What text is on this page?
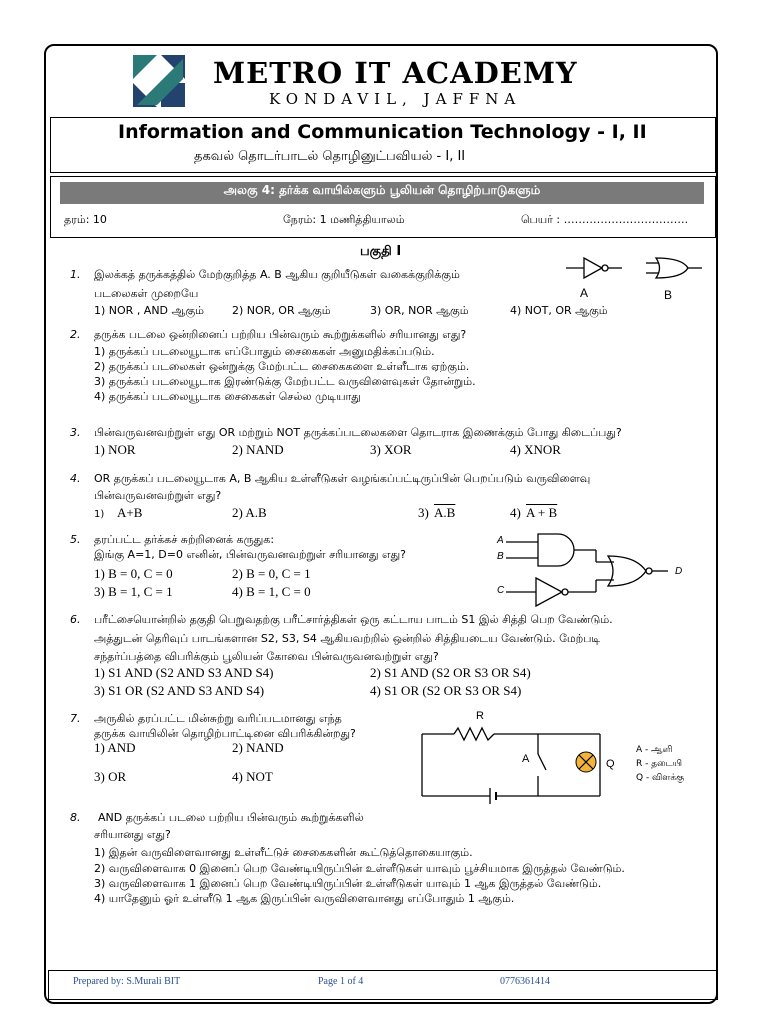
METRO IT ACADEMY
KONDAVIL, JAFFNA
Information and Communication Technology - I, II
தகவல் தொடர்பாடல் தொழினுட்பவியல் - I, II
அலகு 4: தர்க்க வாயில்களும் பூலியன் தொழிற்பாடுகளும்
தரம்: 10	நேரம்: 1 மணித்தியாலம்	பெயர் : …………………………….
பகுதி I
1. இலக்கத் தருக்கத்தில் மேற்குறித்த A. B ஆகிய குறியீடுகள் வகைக்குறிக்கும்
படலைகள் முறையே
1) NOR , AND ஆகும்	2) NOR, OR ஆகும்	3) OR, NOR ஆகும்	4) NOT, OR ஆகும்
A	B
2. தருக்க படலை ஒன்றினைப் பற்றிய பின்வரும் கூற்றுக்களில் சரியானது எது?
1) தருக்கப் படலையூடாக எப்போதும் சைகைகள் அனுமதிக்கப்படும்.
2) தருக்கப் படலைகள் ஒன்றுக்கு மேற்பட்ட சைகைகளை உள்ளீடாக ஏற்கும்.
3) தருக்கப் படலையூடாக இரண்டுக்கு மேற்பட்ட வருவிளைவுகள் தோன்றும்.
4) தருக்கப் படலையூடாக சைகைகள் செல்ல முடியாது
3. பின்வருவனவற்றுள் எது OR மற்றும் NOT தருக்கப்படலைகளை தொடராக இணைக்கும் போது கிடைப்பது?
1) NOR	2) NAND	3) XOR	4) XNOR
4. OR தருக்கப் படலையூடாக A, B ஆகிய உள்ளீடுகள் வழங்கப்பட்டிருப்பின் பெறப்படும் வருவிளைவு
பின்வருவனவற்றுள் எது?
1) A+B	2) A.B	3) A.B	4) A + B
5. தரப்பட்ட தர்க்கச் சுற்றினைக் கருதுக:
இங்கு A=1, D=0 எனின், பின்வருவனவற்றுள் சரியானது எது?
1) B = 0, C = 0	2) B = 0, C = 1
3) B = 1, C = 1	4) B = 1, C = 0
A
B
C
D
6. பரீட்சையொன்றில் தகுதி பெறுவதற்கு பரீட்சார்த்திகள் ஒரு கட்டாய பாடம் S1 இல் சித்தி பெற வேண்டும்.
அத்துடன் தெரிவுப் பாடங்களான S2, S3, S4 ஆகியவற்றில் ஒன்றில் சித்தியடைய வேண்டும். மேற்படி
சந்தர்ப்பத்தை விபரிக்கும் பூலியன் கோவை பின்வருவனவற்றுள் எது?
1) S1 AND (S2 AND S3 AND S4)	2) S1 AND (S2 OR S3 OR S4)
3) S1 OR (S2 AND S3 AND S4)	4) S1 OR (S2 OR S3 OR S4)
7. அருகில் தரப்பட்ட மின்சுற்று வரிப்படமானது எந்த
தருக்க வாயிலின் தொழிற்பாட்டினை விபரிக்கின்றது?
1) AND	2) NAND
3) OR	4) NOT
R
A	Q
A - ஆளி
R - தடையி
Q - விளக்கு
8. AND தருக்கப் படலை பற்றிய பின்வரும் கூற்றுக்களில்
சரியானது எது?
1) இதன் வருவிளைவானது உள்ளீட்டுச் சைகைகளின் கூட்டுத்தொகையாகும்.
2) வருவிளைவாக 0 இனைப் பெற வேண்டியிருப்பின் உள்ளீடுகள் யாவும் பூச்சியமாக இருத்தல் வேண்டும்.
3) வருவிளைவாக 1 இனைப் பெற வேண்டியிருப்பின் உள்ளீடுகள் யாவும் 1 ஆக இருத்தல் வேண்டும்.
4) யாதேனும் ஓர் உள்ளீடு 1 ஆக இருப்பின் வருவிளைவானது எப்போதும் 1 ஆகும்.
Prepared by: S.Murali BIT	Page 1 of 4	0776361414
